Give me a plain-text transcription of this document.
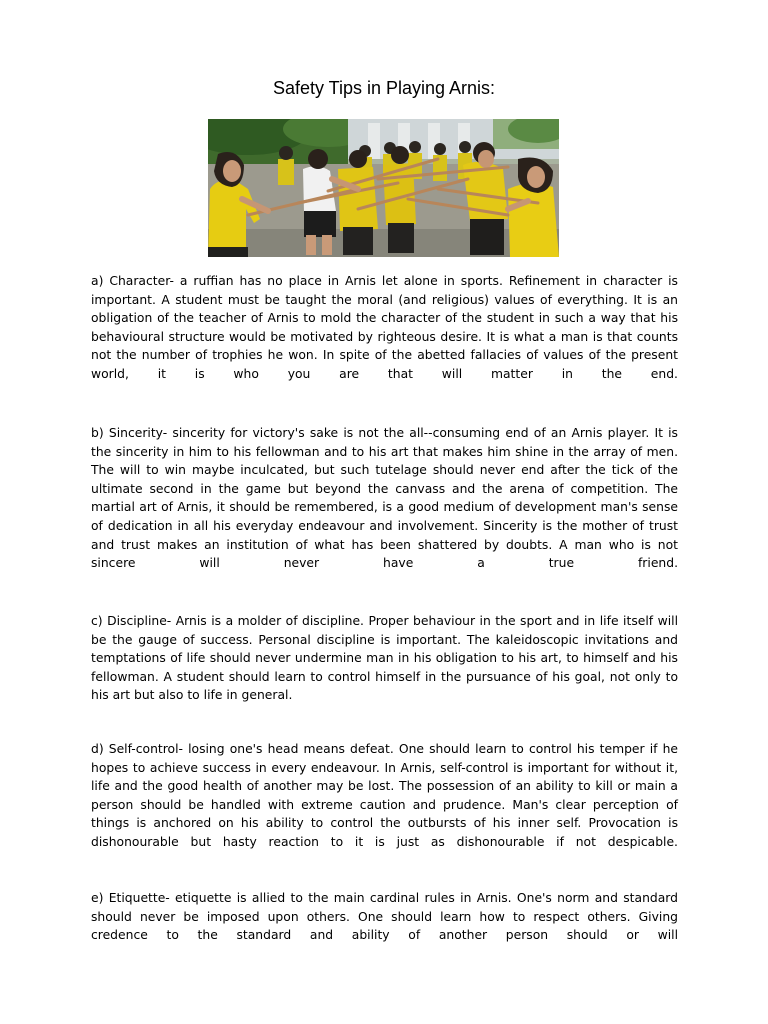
Safety Tips in Playing Arnis:

a) Character- a ruffian has no place in Arnis let alone in sports. Refinement in character is important. A student must be taught the moral (and religious) values of everything. It is an obligation of the teacher of Arnis to mold the character of the student in such a way that his behavioural structure would be motivated by righteous desire. It is what a man is that counts not the number of trophies he won. In spite of the abetted fallacies of values of the present world, it is who you are that will matter in the end.

b) Sincerity- sincerity for victory's sake is not the all--consuming end of an Arnis player. It is the sincerity in him to his fellowman and to his art that makes him shine in the array of men. The will to win maybe inculcated, but such tutelage should never end after the tick of the ultimate second in the game but beyond the canvass and the arena of competition. The martial art of Arnis, it should be remembered, is a good medium of development man's sense of dedication in all his everyday endeavour and involvement. Sincerity is the mother of trust and trust makes an institution of what has been shattered by doubts. A man who is not sincere will never have a true friend.

c) Discipline- Arnis is a molder of discipline. Proper behaviour in the sport and in life itself will be the gauge of success. Personal discipline is important. The kaleidoscopic invitations and temptations of life should never undermine man in his obligation to his art, to himself and his fellowman. A student should learn to control himself in the pursuance of his goal, not only to his art but also to life in general.

d) Self-control- losing one's head means defeat. One should learn to control his temper if he hopes to achieve success in every endeavour. In Arnis, self-control is important for without it, life and the good health of another may be lost. The possession of an ability to kill or main a person should be handled with extreme caution and prudence. Man's clear perception of things is anchored on his ability to control the outbursts of his inner self. Provocation is dishonourable but hasty reaction to it is just as dishonourable if not despicable.

e) Etiquette- etiquette is allied to the main cardinal rules in Arnis. One's norm and standard should never be imposed upon others. One should learn how to respect others. Giving credence to the standard and ability of another person should or will
